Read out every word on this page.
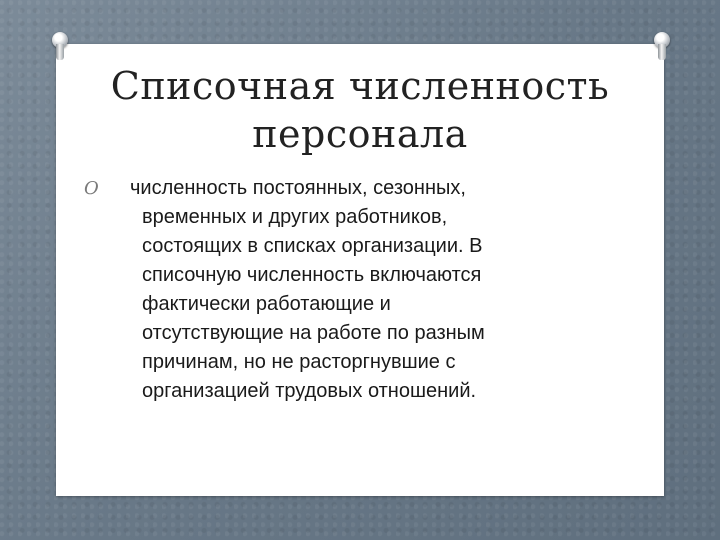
Списочная численность
персонала
O численность постоянных, сезонных,
временных и других работников,
состоящих в списках организации. В
списочную численность включаются
фактически работающие и
отсутствующие на работе по разным
причинам, но не расторгнувшие с
организацией трудовых отношений.
